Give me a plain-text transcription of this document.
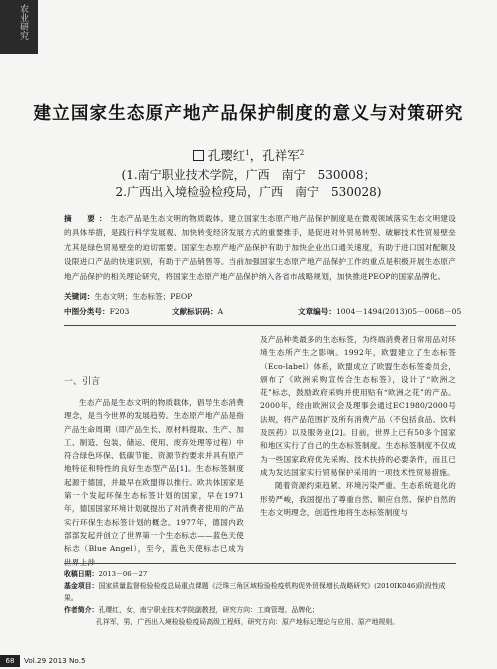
农业研究
建立国家生态原产地产品保护制度的意义与对策研究
孔璎红$^1$，孔祥军$^2$
(1.南宁职业技术学院，广西　南宁　530008；
2.广西出入境检验检疫局，广西　南宁　530028)
摘　要：生态产品是生态文明的物质载体。建立国家生态原产地产品保护制度是在微观领域落实生态文明建设的具体举措，是践行科学发展观、加快转变经济发展方式的重要推手，是促进对外贸易转型、破解技术性贸易壁垒尤其是绿色贸易壁垒的迫切需要。国家生态原产地产品保护有助于加快企业出口通关速度，有助于进口国对配额及设限进口产品的快速识别，有助于产品销售等。当前加强国家生态原产地产品保护工作的重点是积极开展生态原产地产品保护的相关理论研究，将国家生态原产地产品保护纳入各省市战略规划，加快推进PEOP的国家品牌化。
关键词：生态文明；生态标签；PEOP
中图分类号：F203	文献标识码：A	文章编号：1004－1494(2013)05－0068－05
一、引言

生态产品是生态文明的物质载体，倡导生态消费理念，是当今世界的发展趋势。生态原产地产品是指产品生命周期（即产品生长、原材料提取、生产、加工、制造、包装、储运、使用、废弃处理等过程）中符合绿色环保、低碳节能、资源节约要求并具有原产地特征和特性的良好生态型产品[1]。生态标签制度起源于德国，并最早在欧盟得以推行。欧共体国家是第一个发起环保生态标签计划的国家，早在1971年，德国国家环境计划就提出了对消费者使用的产品实行环保生态标签计划的概念。1977年，德国内政部部发起并创立了世界第一个生态标志——蓝色天使标志（Blue Angel），至今，蓝色天使标志已成为世界上涉

及产品种类最多的生态标签，为终端消费者日常用品对环境生态所产生之影响。1992年，欧盟建立了生态标签（Eco-label）体系，欧盟成立了欧盟生态标签委员会，颁布了《欧洲采购宣传合生态标签》，设计了“欧洲之花”标志，鼓励政府采购并使用贴有“欧洲之花”的产品。2000年，经由欧洲议会及理事会通过EC1980/2000号法规，将产品范围扩及所有消费产品（不包括食品、饮料及医药）以及服务业[2]。目前，世界上已有50多个国家和地区实行了自己的生态标签制度。生态标签制度不仅成为一些国家政府优先采购、技术扶持的必要条件，而且已成为发达国家实行贸易保护采用的一项技术性贸易措施。

随着资源约束趋紧、环境污染严重、生态系统退化的形势严峻，我国提出了尊重自然、顺应自然、保护自然的生态文明理念，创造性地将生态标签制度与

收稿日期：2013－06－27
基金项目：国家质量监督检验检疫总局重点课题《泛珠三角区域检验检疫机构促外贸保增长战略研究》(2010IK046)阶段性成果。
作者简介：孔璎红，女，南宁职业技术学院副教授，研究方向：工商管理、品牌化；
孔祥军，男，广西出入境检验检疫局高级工程师，研究方向：原产地标记理论与应用、原产地规则。
68	Vol.29 2013 No.5
